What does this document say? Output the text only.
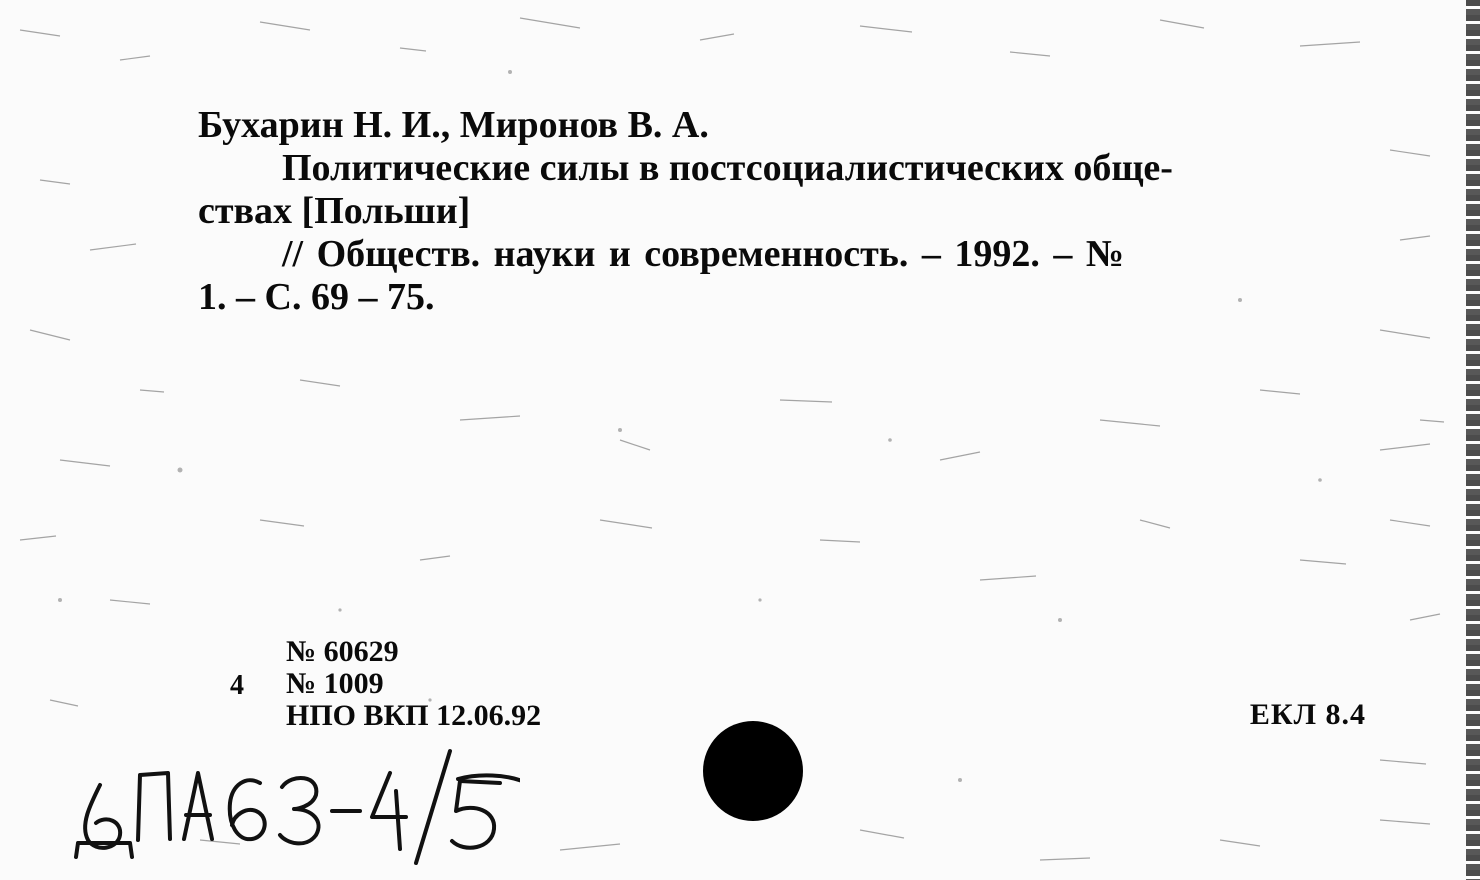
Бухарин Н. И., Миронов В. А.

Политические силы в постсоциалистических обще-

ствах [Польши]

// Обществ. науки и современность. – 1992. – №

1. – С. 69 – 75.

№ 60629
№ 1009
НПО ВКП 12.06.92
4
ЕКЛ 8.4
